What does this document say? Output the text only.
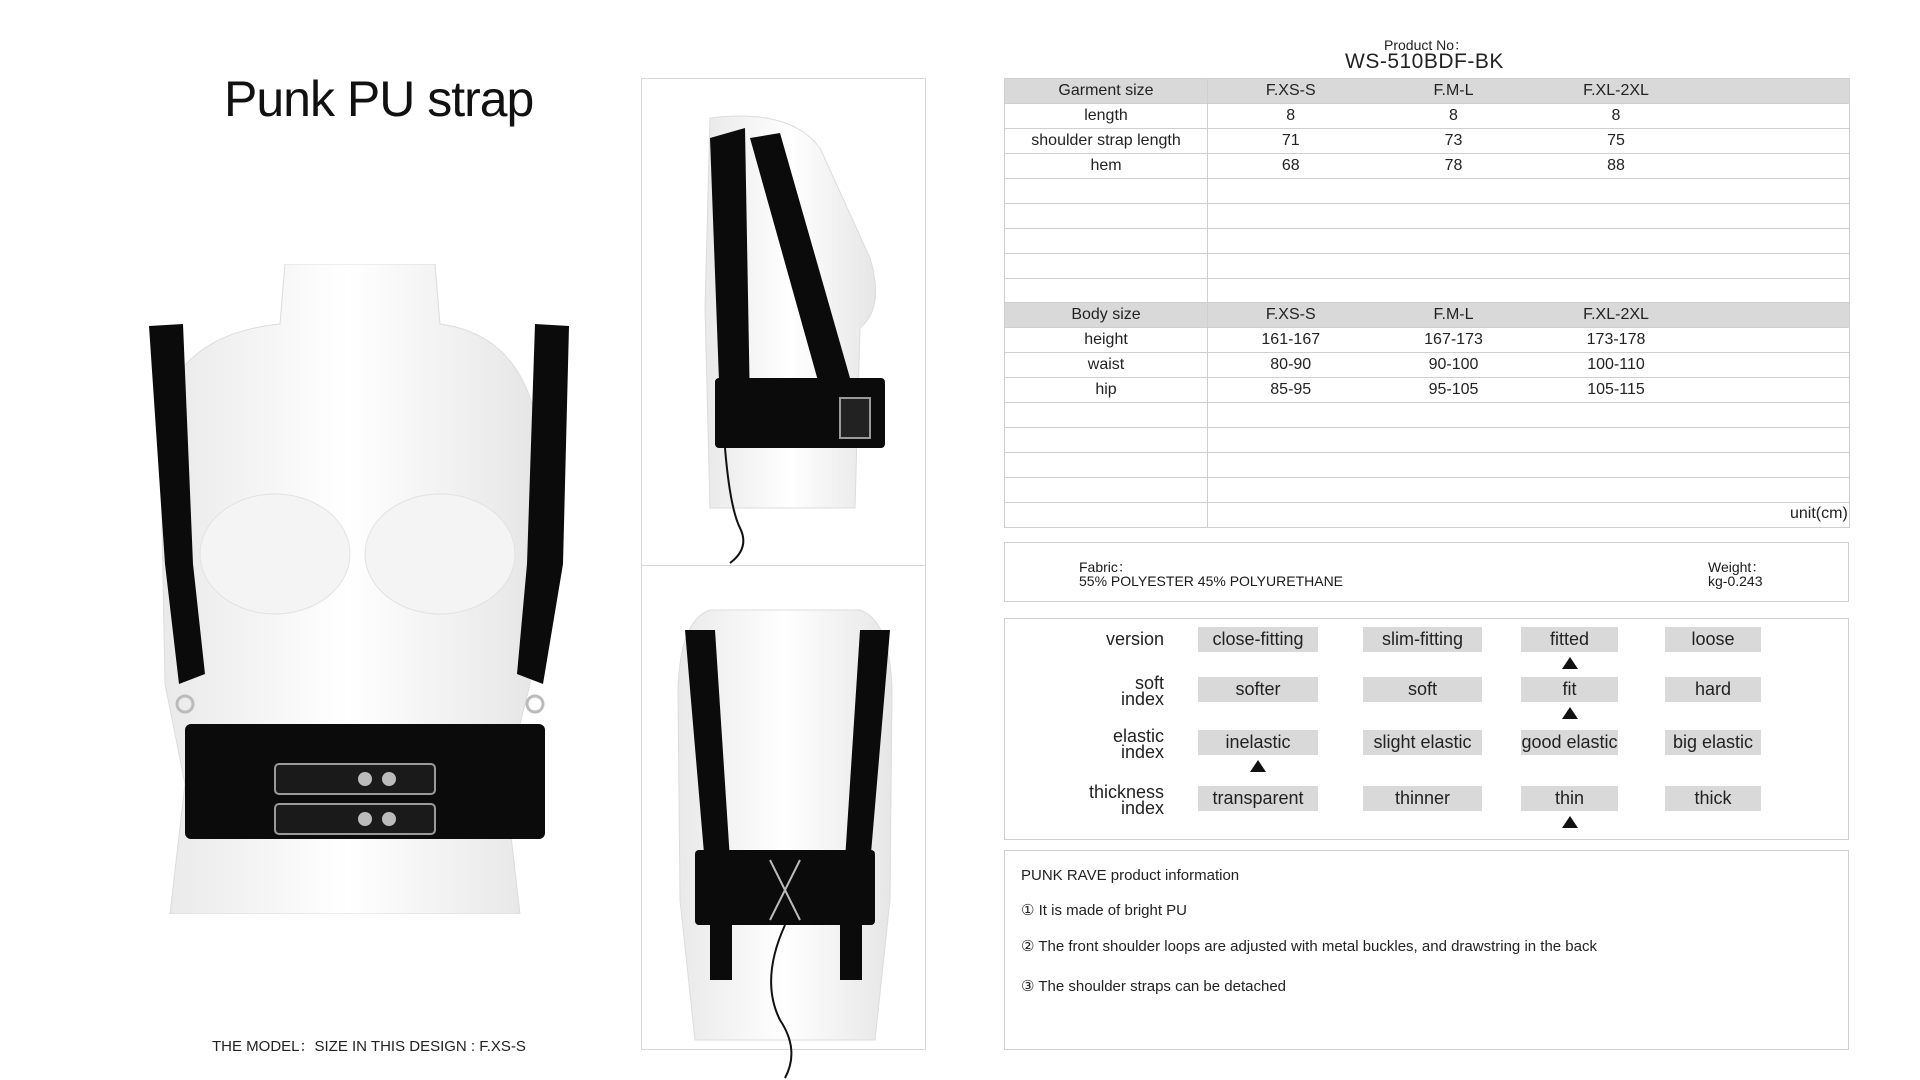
Punk PU strap
THE MODEL：SIZE IN THIS DESIGN : F.XS-S
Product No：
WS-510BDF-BK
Garment size	F.XS-S	F.M-L	F.XL-2XL	
length	8	8	8	
shoulder strap length	71	73	75	
hem	68	78	88	

Body size	F.XS-S	F.M-L	F.XL-2XL	
height	161-167	167-173	173-178	
waist	80-90	90-100	100-110	
hip	85-95	95-105	105-115	

unit(cm)
Fabric：
55% POLYESTER 45% POLYURETHANE
Weight：
kg-0.243
version	close-fitting	slim-fitting	fitted	loose
soft
index	softer	soft	fit	hard
elastic
index	inelastic	slight elastic	good elastic	big elastic
thickness
index	transparent	thinner	thin	thick
PUNK RAVE product information
① It is made of bright PU
② The front shoulder loops are adjusted with metal buckles, and drawstring in the back
③ The shoulder straps can be detached
